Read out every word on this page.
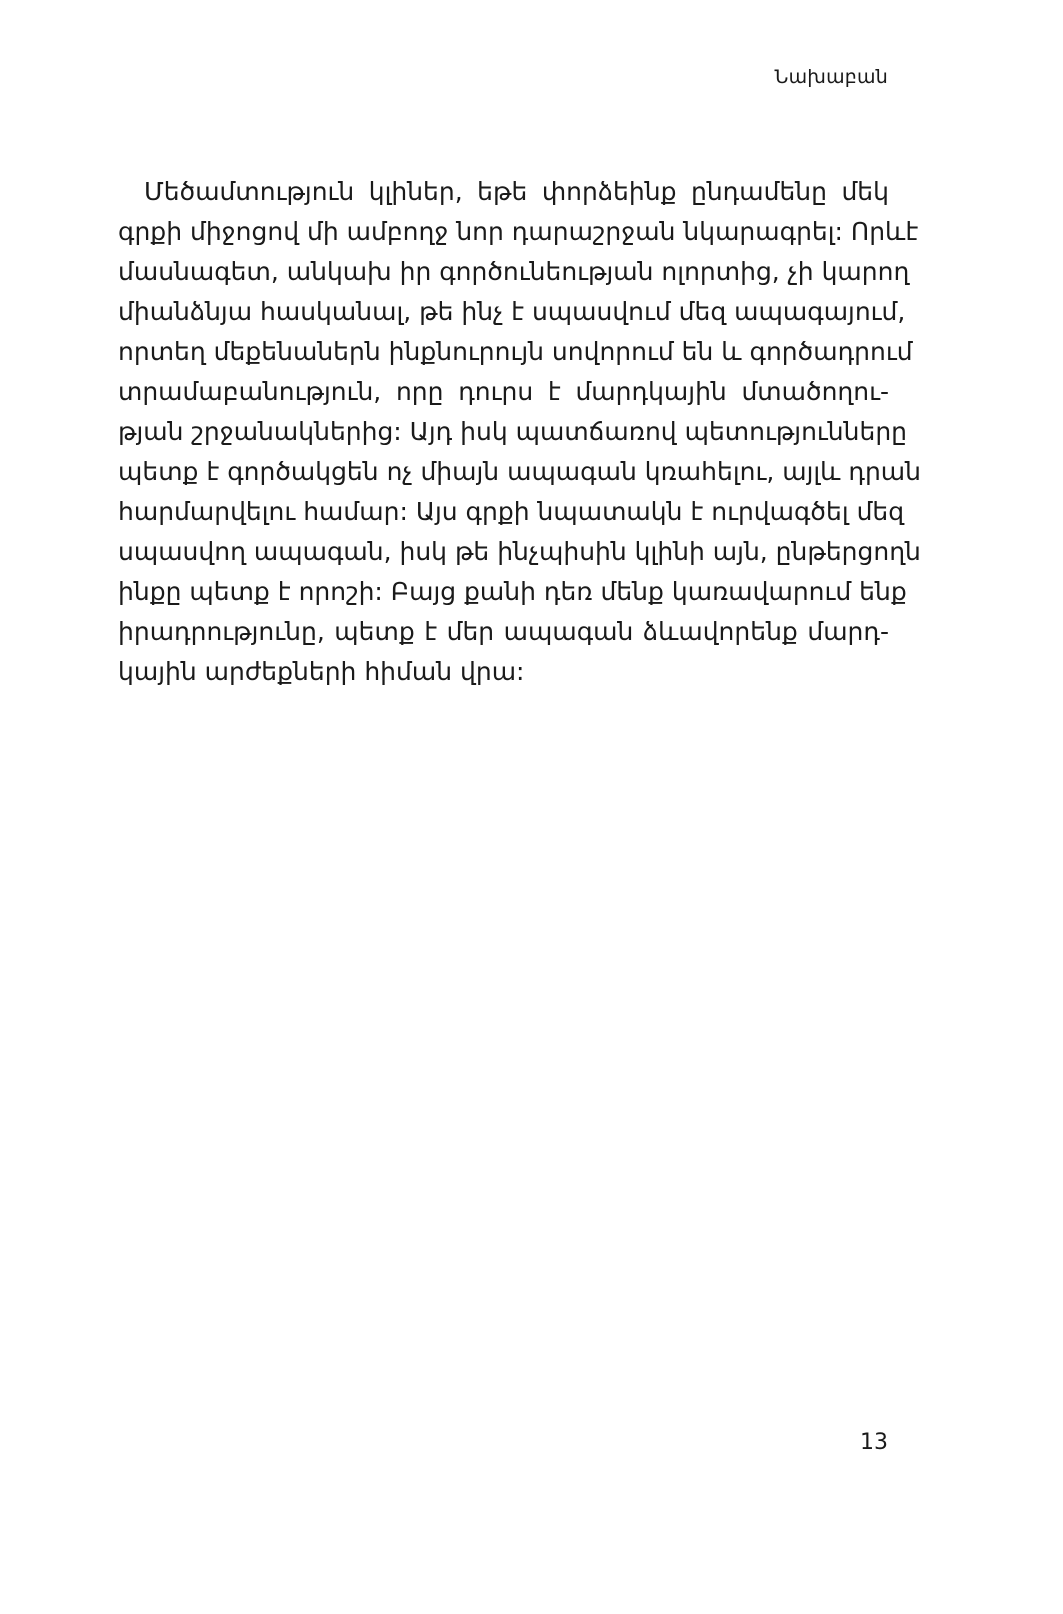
Նախաբան
Մեծամտություն կլիներ, եթե փորձեինք ընդամենը մեկ
գրքի միջոցով մի ամբողջ նոր դարաշրջան նկարագրել: Որևէ
մասնագետ, անկախ իր գործունեության ոլորտից, չի կարող
միանձնյա հասկանալ, թե ինչ է սպասվում մեզ ապագայում,
որտեղ մեքենաներն ինքնուրույն սովորում են և գործադրում
տրամաբանություն, որը դուրս է մարդկային մտածողու-
թյան շրջանակներից: Այդ իսկ պատճառով պետությունները
պետք է գործակցեն ոչ միայն ապագան կռահելու, այլև դրան
հարմարվելու համար: Այս գրքի նպատակն է ուրվագծել մեզ
սպասվող ապագան, իսկ թե ինչպիսին կլինի այն, ընթերցողն
ինքը պետք է որոշի: Բայց քանի դեռ մենք կառավարում ենք
իրադրությունը, պետք է մեր ապագան ձևավորենք մարդ-
կային արժեքների հիման վրա:
13
